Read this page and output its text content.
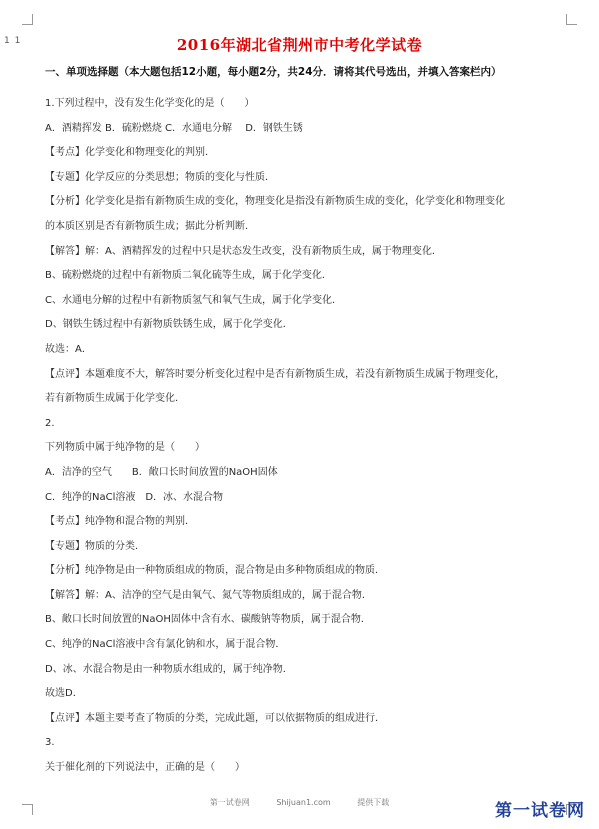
1 1	2016年湖北省荆州市中考化学试卷
一、单项选择题（本大题包括12小题，每小题2分，共24分．请将其代号选出，并填入答案栏内）
1.下列过程中，没有发生化学变化的是（　　）
A．酒精挥发 B．硫粉燃烧 C．水通电分解 　D．钢铁生锈
【考点】化学变化和物理变化的判别．
【专题】化学反应的分类思想；物质的变化与性质．
【分析】化学变化是指有新物质生成的变化，物理变化是指没有新物质生成的变化，化学变化和物理变化
的本质区别是否有新物质生成；据此分析判断．
【解答】解：A、酒精挥发的过程中只是状态发生改变，没有新物质生成，属于物理变化．
B、硫粉燃烧的过程中有新物质二氧化硫等生成，属于化学变化．
C、水通电分解的过程中有新物质氢气和氧气生成，属于化学变化．
D、钢铁生锈过程中有新物质铁锈生成，属于化学变化．
故选：A．
【点评】本题难度不大，解答时要分析变化过程中是否有新物质生成，若没有新物质生成属于物理变化，
若有新物质生成属于化学变化．
2.
下列物质中属于纯净物的是（　　）
A．洁净的空气　　B．敞口长时间放置的NaOH固体
C．纯净的NaCl溶液　D．冰、水混合物
【考点】纯净物和混合物的判别．
【专题】物质的分类．
【分析】纯净物是由一种物质组成的物质，混合物是由多种物质组成的物质．
【解答】解：A、洁净的空气是由氧气、氮气等物质组成的，属于混合物．
B、敞口长时间放置的NaOH固体中含有水、碳酸钠等物质，属于混合物．
C、纯净的NaCl溶液中含有氯化钠和水，属于混合物．
D、冰、水混合物是由一种物质水组成的，属于纯净物．
故选D．
【点评】本题主要考查了物质的分类，完成此题，可以依据物质的组成进行．
3.
关于催化剂的下列说法中，正确的是（　　）
第一试卷网	Shijuan1.com	提供下载	第一试卷网
